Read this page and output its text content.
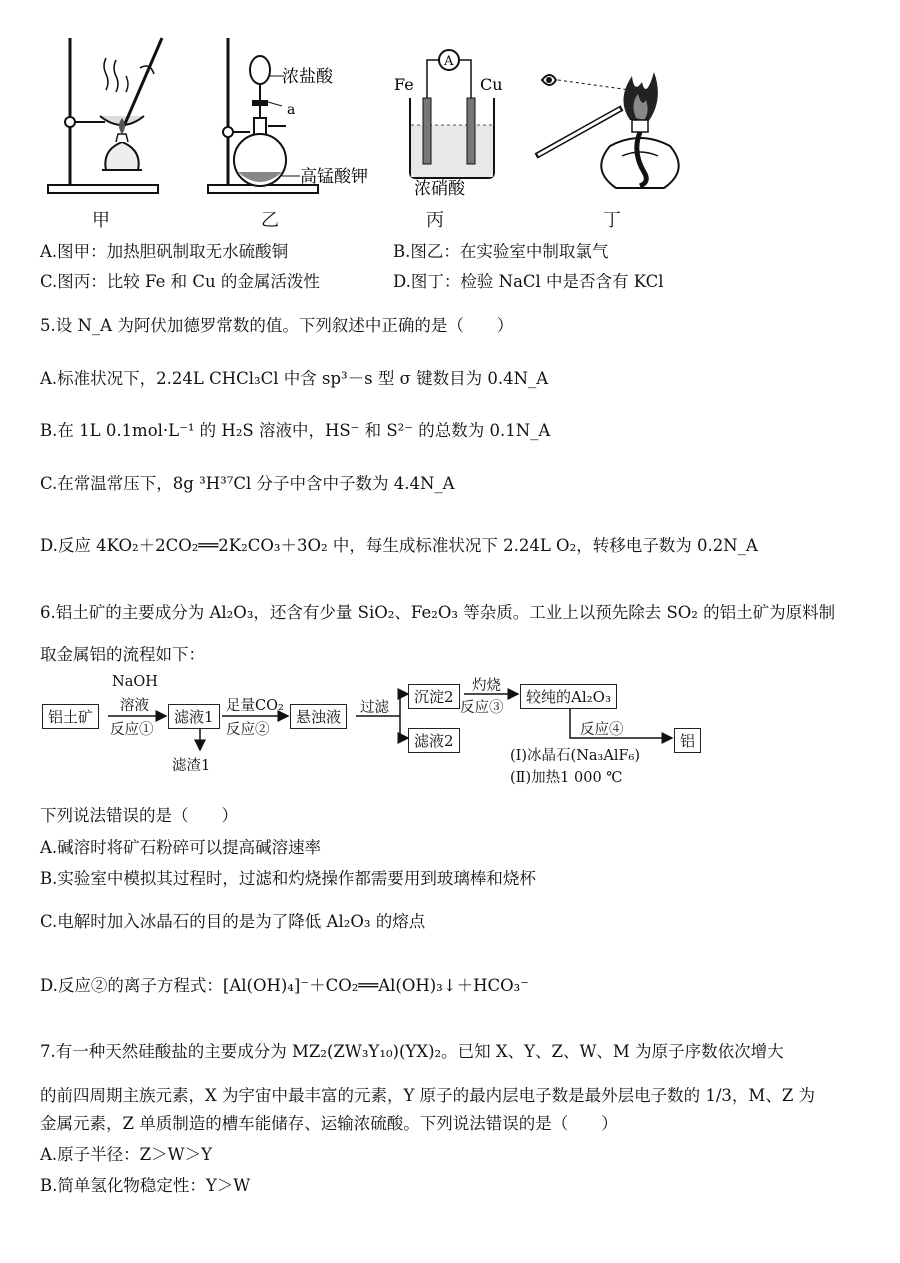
浓盐酸
a
高锰酸钾
A
Fe	Cu
浓硝酸
甲	乙	丙	丁
A.图甲：加热胆矾制取无水硫酸铜	B.图乙：在实验室中制取氯气
C.图丙：比较 Fe 和 Cu 的金属活泼性	D.图丁：检验 NaCl 中是否含有 KCl
5.设 N_A 为阿伏加德罗常数的值。下列叙述中正确的是（　　）
A.标准状况下，2.24L CHCl₃Cl 中含 sp³－s 型 σ 键数目为 0.4N_A
B.在 1L 0.1mol·L⁻¹ 的 H₂S 溶液中，HS⁻ 和 S²⁻ 的总数为 0.1N_A
C.在常温常压下，8g ³H³⁷Cl 分子中含中子数为 4.4N_A
D.反应 4KO₂＋2CO₂══2K₂CO₃＋3O₂ 中，每生成标准状况下 2.24L O₂，转移电子数为 0.2N_A
6.铝土矿的主要成分为 Al₂O₃，还含有少量 SiO₂、Fe₂O₃ 等杂质。工业上以预先除去 SO₂ 的铝土矿为原料制
取金属铝的流程如下：
铝土矿
NaOH
溶液
反应①
滤液1
滤渣1
足量CO₂
反应②
悬浊液	过滤
沉淀2
滤液2
灼烧
反应③
较纯的Al₂O₃
反应④
铝
(Ⅰ)冰晶石(Na₃AlF₆)
(Ⅱ)加热1 000 ℃
下列说法错误的是（　　）
A.碱溶时将矿石粉碎可以提高碱溶速率
B.实验室中模拟其过程时，过滤和灼烧操作都需要用到玻璃棒和烧杯
C.电解时加入冰晶石的目的是为了降低 Al₂O₃ 的熔点
D.反应②的离子方程式：[Al(OH)₄]⁻＋CO₂══Al(OH)₃↓＋HCO₃⁻
7.有一种天然硅酸盐的主要成分为 MZ₂(ZW₃Y₁₀)(YX)₂。已知 X、Y、Z、W、M 为原子序数依次增大
的前四周期主族元素，X 为宇宙中最丰富的元素，Y 原子的最内层电子数是最外层电子数的 1/3，M、Z 为
金属元素，Z 单质制造的槽车能储存、运输浓硫酸。下列说法错误的是（　　）
A.原子半径：Z＞W＞Y
B.简单氢化物稳定性：Y＞W
